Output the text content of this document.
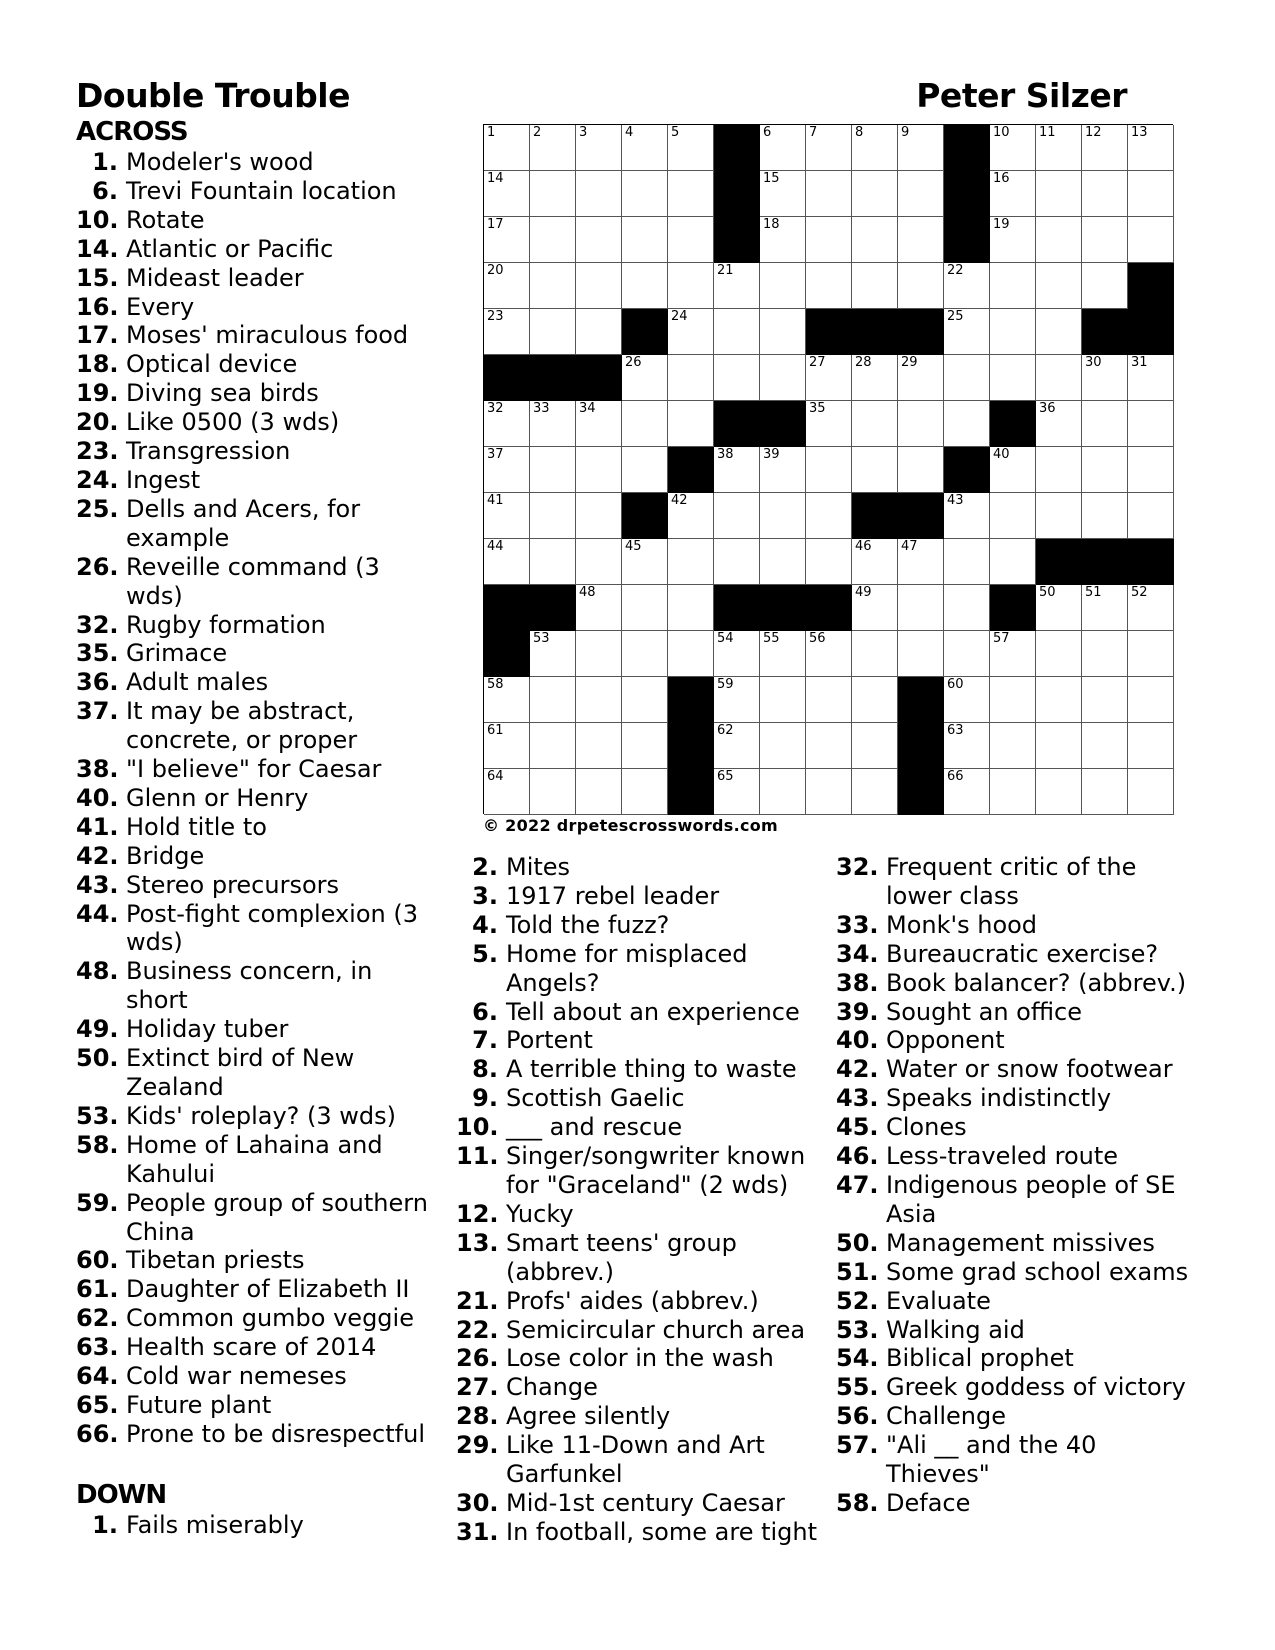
Double Trouble	Peter Silzer
ACROSS
1. Modeler's wood
6. Trevi Fountain location
10. Rotate
14. Atlantic or Pacific
15. Mideast leader
16. Every
17. Moses' miraculous food
18. Optical device
19. Diving sea birds
20. Like 0500 (3 wds)
23. Transgression
24. Ingest
25. Dells and Acers, for example
26. Reveille command (3 wds)
32. Rugby formation
35. Grimace
36. Adult males
37. It may be abstract, concrete, or proper
38. "I believe" for Caesar
40. Glenn or Henry
41. Hold title to
42. Bridge
43. Stereo precursors
44. Post-fight complexion (3 wds)
48. Business concern, in short
49. Holiday tuber
50. Extinct bird of New Zealand
53. Kids' roleplay? (3 wds)
58. Home of Lahaina and Kahului
59. People group of southern China
60. Tibetan priests
61. Daughter of Elizabeth II
62. Common gumbo veggie
63. Health scare of 2014
64. Cold war nemeses
65. Future plant
66. Prone to be disrespectful
DOWN
1. Fails miserably
2. Mites
3. 1917 rebel leader
4. Told the fuzz?
5. Home for misplaced Angels?
6. Tell about an experience
7. Portent
8. A terrible thing to waste
9. Scottish Gaelic
10. ___ and rescue
11. Singer/songwriter known for "Graceland" (2 wds)
12. Yucky
13. Smart teens' group (abbrev.)
21. Profs' aides (abbrev.)
22. Semicircular church area
26. Lose color in the wash
27. Change
28. Agree silently
29. Like 11-Down and Art Garfunkel
30. Mid-1st century Caesar
31. In football, some are tight
32. Frequent critic of the lower class
33. Monk's hood
34. Bureaucratic exercise?
38. Book balancer? (abbrev.)
39. Sought an office
40. Opponent
42. Water or snow footwear
43. Speaks indistinctly
45. Clones
46. Less-traveled route
47. Indigenous people of SE Asia
50. Management missives
51. Some grad school exams
52. Evaluate
53. Walking aid
54. Biblical prophet
55. Greek goddess of victory
56. Challenge
57. "Ali __ and the 40 Thieves"
58. Deface
1	2	3	4	5	6	7	8	9	10 11 12 13
14	15	16
17	18	19
20	21	22
23	24	25
26	27 28 29	30 31
32 33 34	35	36
37	38 39	40
41	42	43
44	45	46 47
48	49	50 51 52
53	54 55 56	57
58	59	60
61	62	63
64	65	66
© 2022 drpetescrosswords.com
